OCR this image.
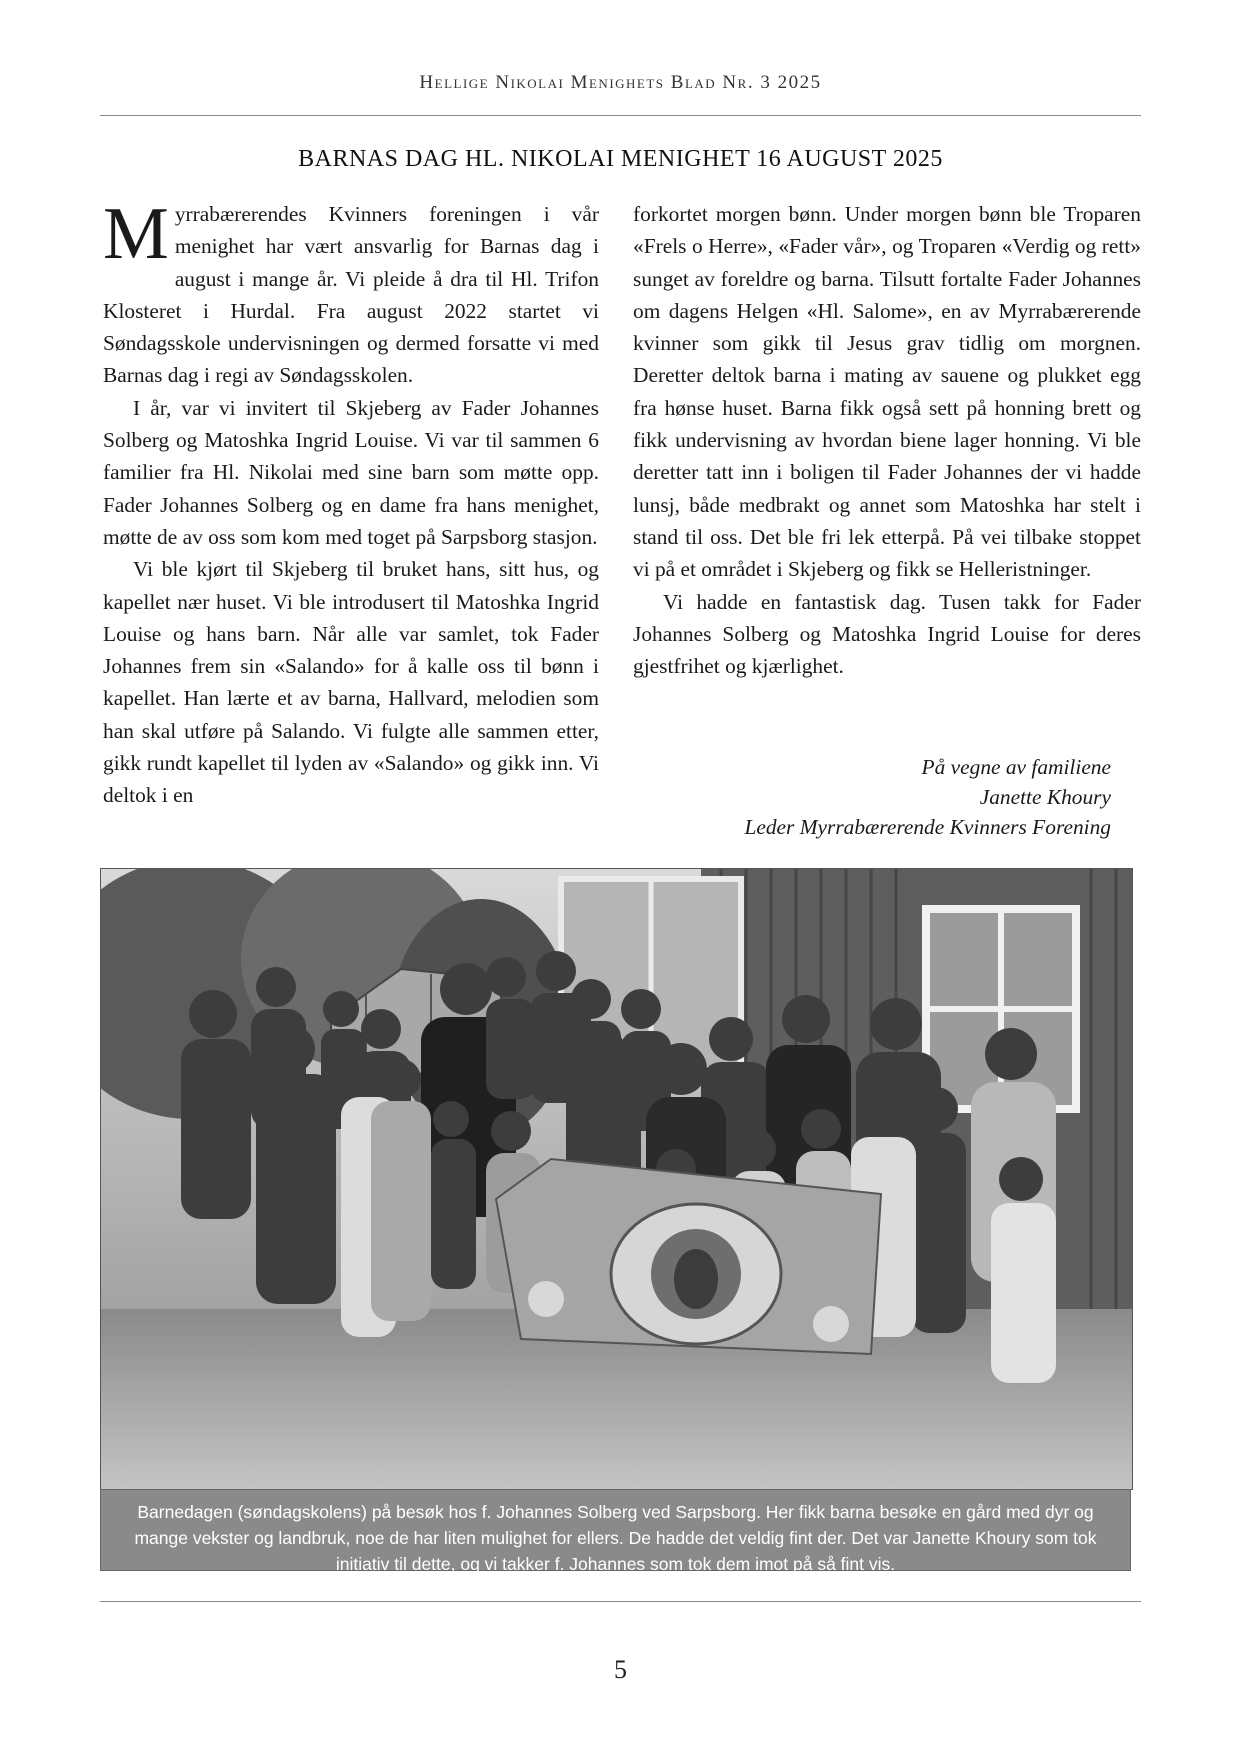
Hellige Nikolai Menighets Blad Nr. 3 2025
BARNAS DAG HL. NIKOLAI MENIGHET 16 AUGUST 2025

Myrrabærerendes Kvinners foreningen i vår menighet har vært ansvarlig for Barnas dag i august i mange år. Vi pleide å dra til Hl. Trifon Klosteret i Hurdal. Fra august 2022 startet vi Søndagsskole undervisningen og dermed forsatte vi med Barnas dag i regi av Søndagsskolen.

I år, var vi invitert til Skjeberg av Fader Johannes Solberg og Matoshka Ingrid Louise. Vi var til sammen 6 familier fra Hl. Nikolai med sine barn som møtte opp. Fader Johannes Solberg og en dame fra hans menighet, møtte de av oss som kom med toget på Sarpsborg stasjon.

Vi ble kjørt til Skjeberg til bruket hans, sitt hus, og kapellet nær huset. Vi ble introdusert til Matoshka Ingrid Louise og hans barn. Når alle var samlet, tok Fader Johannes frem sin «Salando» for å kalle oss til bønn i kapellet. Han lærte et av barna, Hallvard, melodien som han skal utføre på Salando. Vi fulgte alle sammen etter, gikk rundt kapellet til lyden av «Salando» og gikk inn. Vi deltok i en

forkortet morgen bønn. Under morgen bønn ble Troparen «Frels o Herre», «Fader vår», og Troparen «Verdig og rett» sunget av foreldre og barna. Tilsutt fortalte Fader Johannes om dagens Helgen «Hl. Salome», en av Myrrabærerende kvinner som gikk til Jesus grav tidlig om morgnen. Deretter deltok barna i mating av sauene og plukket egg fra hønse huset. Barna fikk også sett på honning brett og fikk undervisning av hvordan biene lager honning. Vi ble deretter tatt inn i boligen til Fader Johannes der vi hadde lunsj, både medbrakt og annet som Matoshka har stelt i stand til oss. Det ble fri lek etterpå. På vei tilbake stoppet vi på et området i Skjeberg og fikk se Helleristninger.

Vi hadde en fantastisk dag. Tusen takk for Fader Johannes Solberg og Matoshka Ingrid Louise for deres gjestfrihet og kjærlighet.

På vegne av familiene
Janette Khoury
Leder Myrrabærerende Kvinners Forening
Barnedagen (søndagskolens) på besøk hos f. Johannes Solberg ved Sarpsborg. Her fikk barna besøke en gård med dyr og mange vekster og landbruk, noe de har liten mulighet for ellers. De hadde det veldig fint der. Det var Janette Khoury som tok initiativ til dette, og vi takker f. Johannes som tok dem imot på så fint vis.
5
